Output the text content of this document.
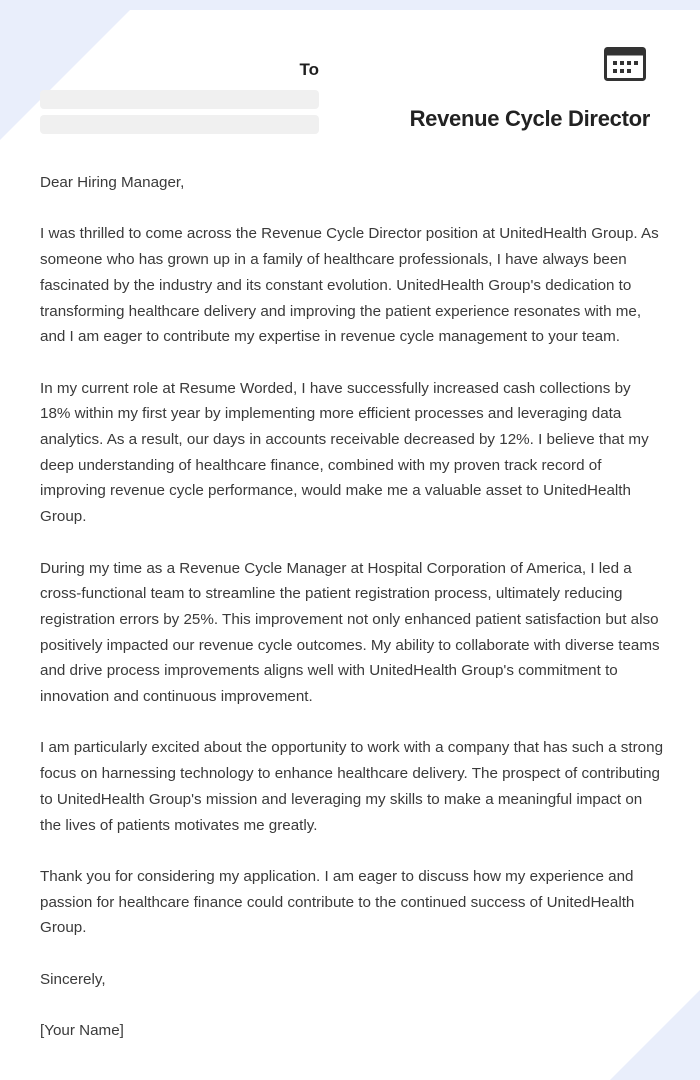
To
Revenue Cycle Director

Dear Hiring Manager,

I was thrilled to come across the Revenue Cycle Director position at UnitedHealth Group. As someone who has grown up in a family of healthcare professionals, I have always been fascinated by the industry and its constant evolution. UnitedHealth Group's dedication to transforming healthcare delivery and improving the patient experience resonates with me, and I am eager to contribute my expertise in revenue cycle management to your team.

In my current role at Resume Worded, I have successfully increased cash collections by 18% within my first year by implementing more efficient processes and leveraging data analytics. As a result, our days in accounts receivable decreased by 12%. I believe that my deep understanding of healthcare finance, combined with my proven track record of improving revenue cycle performance, would make me a valuable asset to UnitedHealth Group.

During my time as a Revenue Cycle Manager at Hospital Corporation of America, I led a cross-functional team to streamline the patient registration process, ultimately reducing registration errors by 25%. This improvement not only enhanced patient satisfaction but also positively impacted our revenue cycle outcomes. My ability to collaborate with diverse teams and drive process improvements aligns well with UnitedHealth Group's commitment to innovation and continuous improvement.

I am particularly excited about the opportunity to work with a company that has such a strong focus on harnessing technology to enhance healthcare delivery. The prospect of contributing to UnitedHealth Group's mission and leveraging my skills to make a meaningful impact on the lives of patients motivates me greatly.

Thank you for considering my application. I am eager to discuss how my experience and passion for healthcare finance could contribute to the continued success of UnitedHealth Group.

Sincerely,

[Your Name]
